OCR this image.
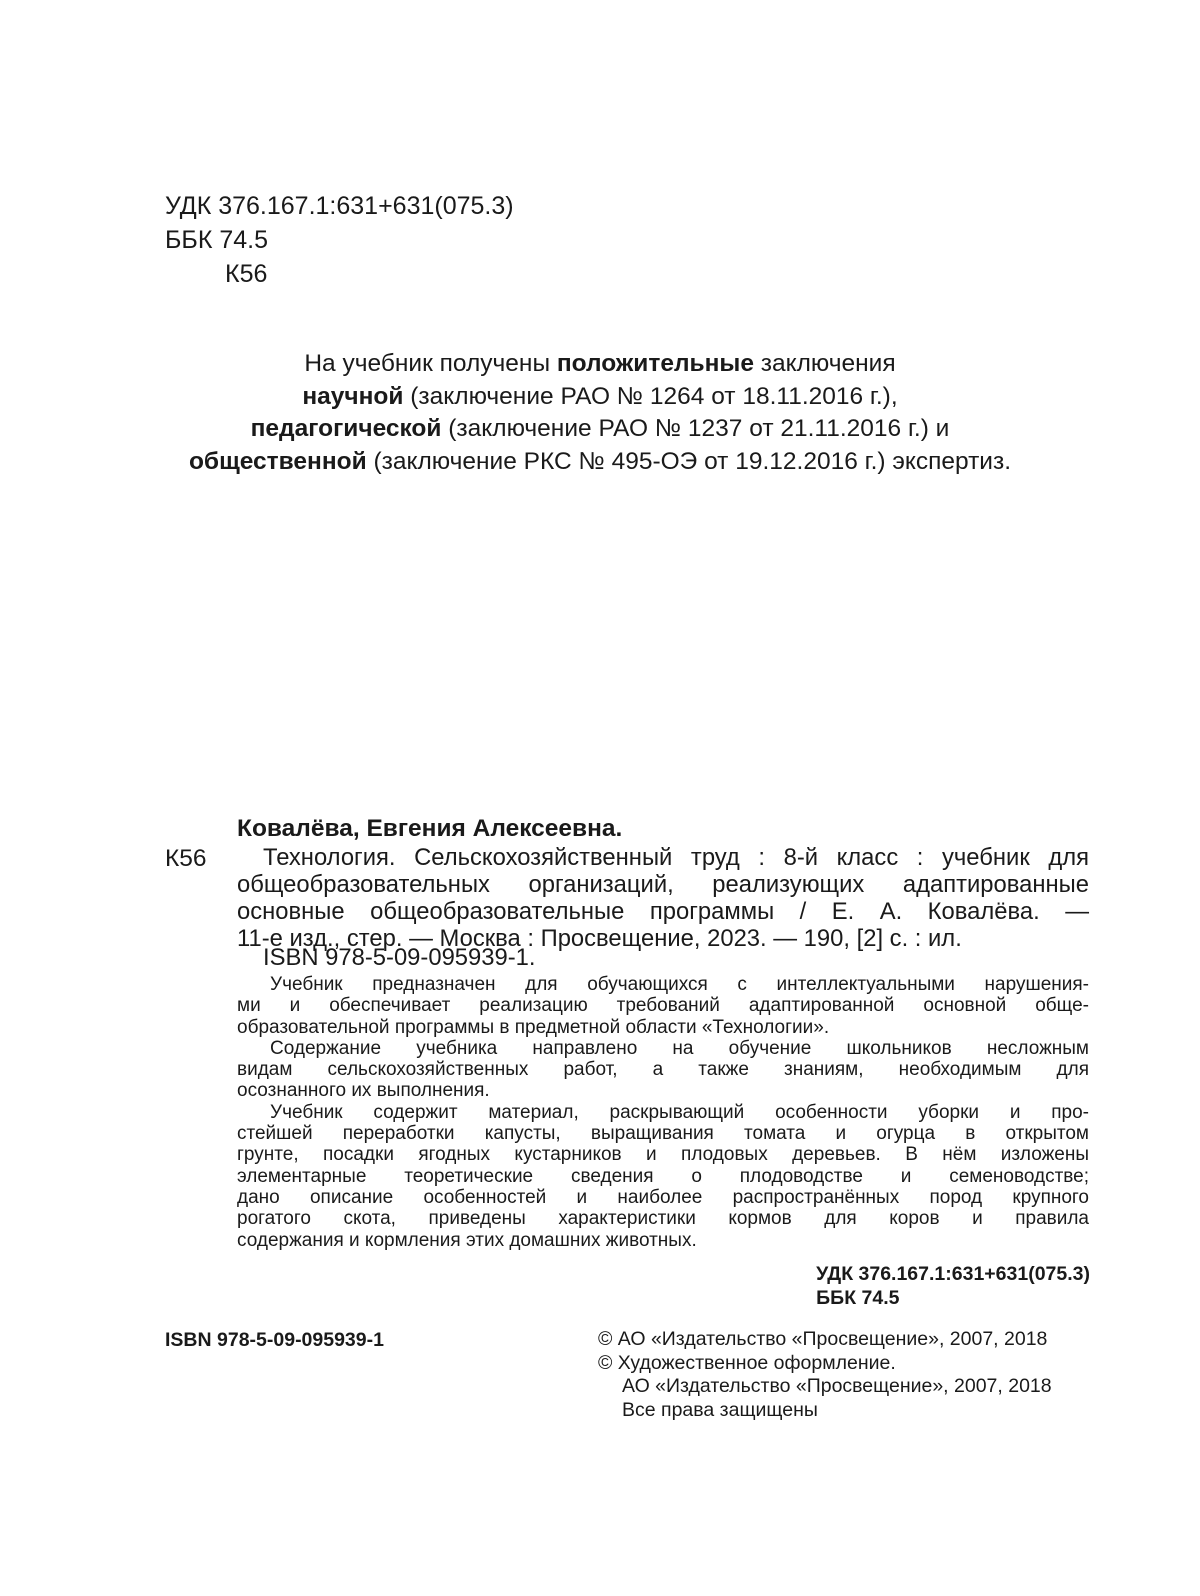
УДК 376.167.1:631+631(075.3)
ББК 74.5
К56
На учебник получены положительные заключения
научной (заключение РАО № 1264 от 18.11.2016 г.),
педагогической (заключение РАО № 1237 от 21.11.2016 г.) и
общественной (заключение РКС № 495-ОЭ от 19.12.2016 г.) экспертиз.
Ковалёва, Евгения Алексеевна.
К56	Технология. Сельскохозяйственный труд : 8-й класс : учебник для
общеобразовательных организаций, реализующих адаптированные
основные общеобразовательные программы / Е. А. Ковалёва. —
11-е изд., стер. — Москва : Просвещение, 2023. — 190, [2] с. : ил.
ISBN 978-5-09-095939-1.
Учебник предназначен для обучающихся с интеллектуальными нарушения-
ми и обеспечивает реализацию требований адаптированной основной обще-
образовательной программы в предметной области «Технологии».
Содержание учебника направлено на обучение школьников несложным
видам сельскохозяйственных работ, а также знаниям, необходимым для
осознанного их выполнения.
Учебник содержит материал, раскрывающий особенности уборки и про-
стейшей переработки капусты, выращивания томата и огурца в открытом
грунте, посадки ягодных кустарников и плодовых деревьев. В нём изложены
элементарные теоретические сведения о плодоводстве и семеноводстве;
дано описание особенностей и наиболее распространённых пород крупного
рогатого скота, приведены характеристики кормов для коров и правила
содержания и кормления этих домашних животных.
УДК 376.167.1:631+631(075.3)
ББК 74.5
ISBN 978-5-09-095939-1	© АО «Издательство «Просвещение», 2007, 2018
© Художественное оформление.
АО «Издательство «Просвещение», 2007, 2018
Все права защищены
